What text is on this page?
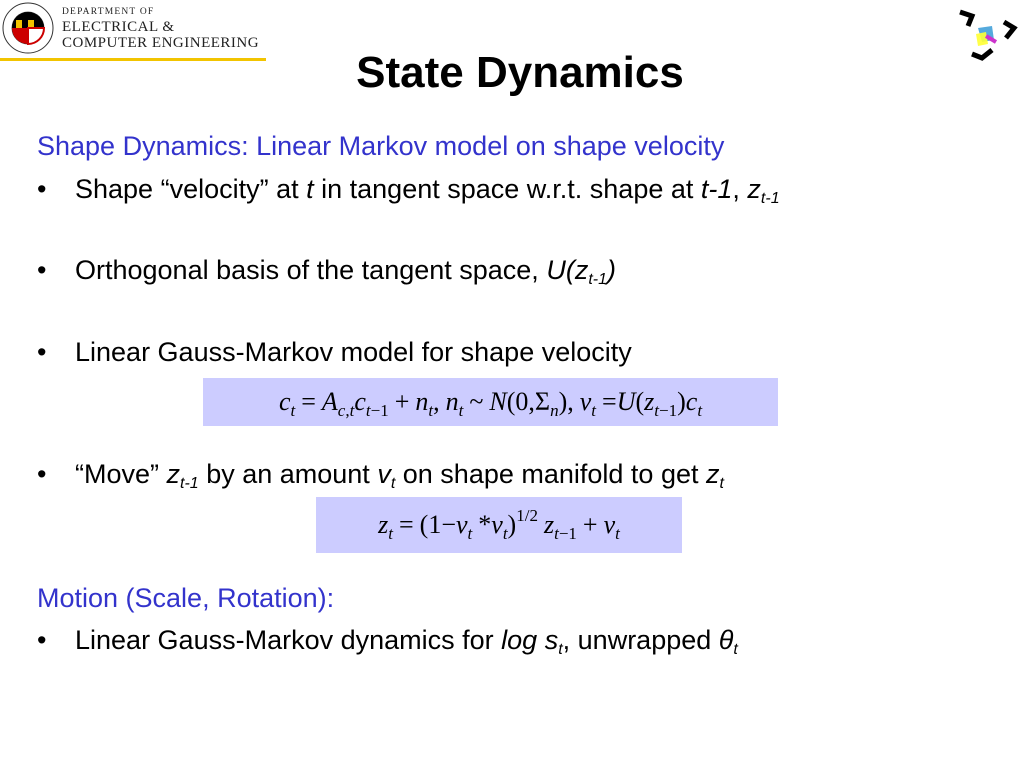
DEPARTMENT OF
ELECTRICAL &
COMPUTER ENGINEERING
State Dynamics
Shape Dynamics: Linear Markov model on shape velocity
• Shape “velocity” at t in tangent space w.r.t. shape at t-1, $z_{t-1}$
• Orthogonal basis of the tangent space, $U(z_{t-1})$
• Linear Gauss-Markov model for shape velocity
$c_t = A_{c,t}c_{t-1} + n_t$, $n_t$ ~ $N(0,\Sigma_n)$, $v_t =U(z_{t-1})c_t$
• “Move” $z_{t-1}$ by an amount $v_t$ on shape manifold to get $z_t$
$z_t = (1-v_t$ $*v_t)^{1/2}$ $z_{t-1} + v_t$
Motion (Scale, Rotation):
• Linear Gauss-Markov dynamics for $\log s_t$, unwrapped $\theta_t$
